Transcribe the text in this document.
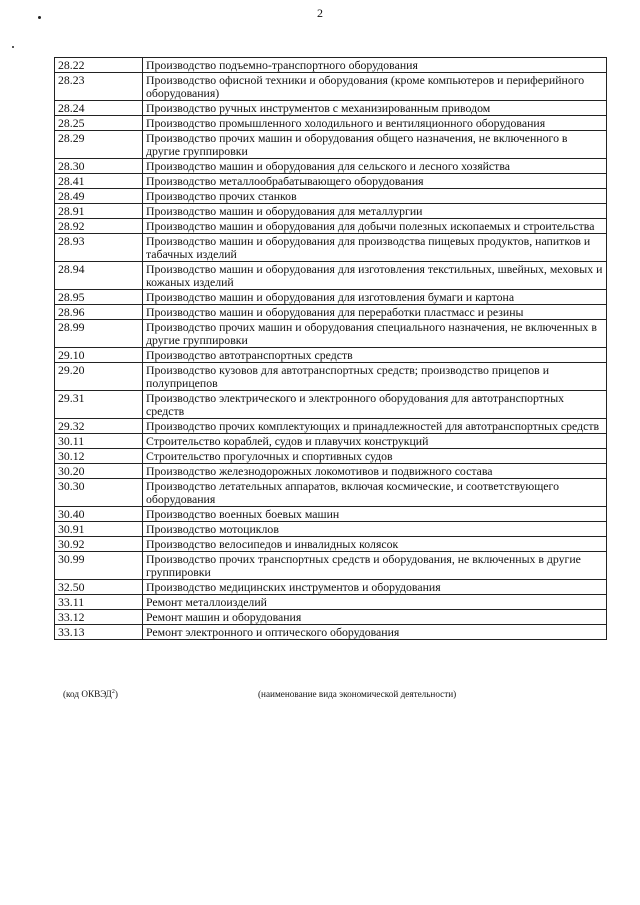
2
28.22	Производство подъемно-транспортного оборудования
28.23	Производство офисной техники и оборудования (кроме компьютеров и периферийного оборудования)
28.24	Производство ручных инструментов с механизированным приводом
28.25	Производство промышленного холодильного и вентиляционного оборудования
28.29	Производство прочих машин и оборудования общего назначения, не включенного в другие группировки
28.30	Производство машин и оборудования для сельского и лесного хозяйства
28.41	Производство металлообрабатывающего оборудования
28.49	Производство прочих станков
28.91	Производство машин и оборудования для металлургии
28.92	Производство машин и оборудования для добычи полезных ископаемых и строительства
28.93	Производство машин и оборудования для производства пищевых продуктов, напитков и табачных изделий
28.94	Производство машин и оборудования для изготовления текстильных, швейных, меховых и кожаных изделий
28.95	Производство машин и оборудования для изготовления бумаги и картона
28.96	Производство машин и оборудования для переработки пластмасс и резины
28.99	Производство прочих машин и оборудования специального назначения, не включенных в другие группировки
29.10	Производство автотранспортных средств
29.20	Производство кузовов для автотранспортных средств; производство прицепов и полуприцепов
29.31	Производство электрического и электронного оборудования для автотранспортных средств
29.32	Производство прочих комплектующих и принадлежностей для автотранспортных средств
30.11	Строительство кораблей, судов и плавучих конструкций
30.12	Строительство прогулочных и спортивных судов
30.20	Производство железнодорожных локомотивов и подвижного состава
30.30	Производство летательных аппаратов, включая космические, и соответствующего оборудования
30.40	Производство военных боевых машин
30.91	Производство мотоциклов
30.92	Производство велосипедов и инвалидных колясок
30.99	Производство прочих транспортных средств и оборудования, не включенных в другие группировки
32.50	Производство медицинских инструментов и оборудования
33.11	Ремонт металлоизделий
33.12	Ремонт машин и оборудования
33.13	Ремонт электронного и оптического оборудования
(код ОКВЭД$^2$)	(наименование вида экономической деятельности)
